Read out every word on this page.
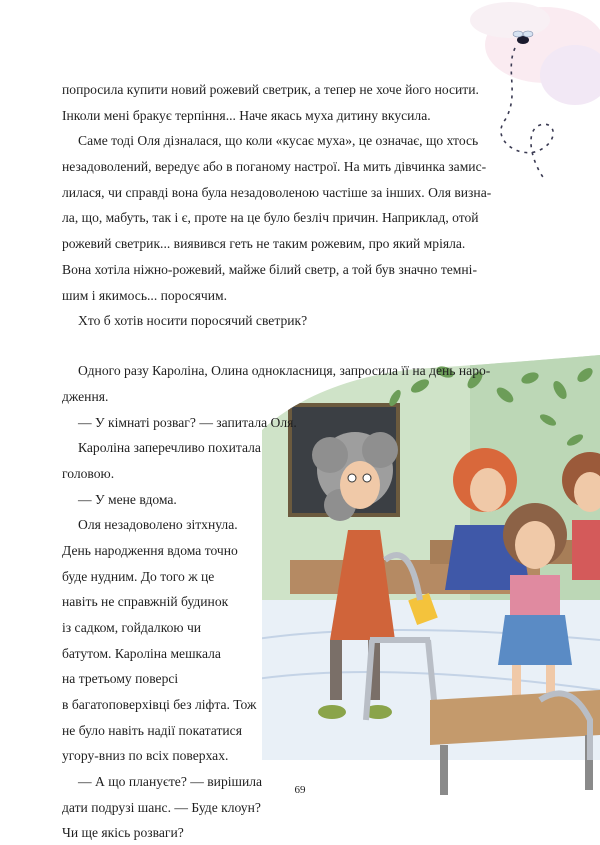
попросила купити новий рожевий светрик, а тепер не хоче його носити.
Інколи мені бракує терпіння... Наче якась муха дитину вкусила.
Саме тоді Оля дізналася, що коли «кусає муха», це означає, що хтось
незадоволений, вередує або в поганому настрої. На мить дівчинка замис-
лилася, чи справді вона була незадоволеною частіше за інших. Оля визна-
ла, що, мабуть, так і є, проте на це було безліч причин. Наприклад, отой
рожевий светрик... виявився геть не таким рожевим, про який мріяла.
Вона хотіла ніжно-рожевий, майже білий светр, а той був значно темні-
шим і якимось... поросячим.
Хто б хотів носити поросячий светрик?
Одного разу Кароліна, Олина однокласниця, запросила її на день наро-
дження.
— У кімнаті розваг? — запитала Оля.
Кароліна заперечливо похитала
головою.
— У мене вдома.
Оля незадоволено зітхнула.
День народження вдома точно
буде нудним. До того ж це
навіть не справжній будинок
із садком, гойдалкою чи
батутом. Кароліна мешкала
на третьому поверсі
в багатоповерхівці без ліфта. Тож
не було навіть надії покататися
угору-вниз по всіх поверхах.
— А що плануєте? — вирішила
дати подрузі шанс. — Буде клоун?
Чи ще якісь розваги?
69
